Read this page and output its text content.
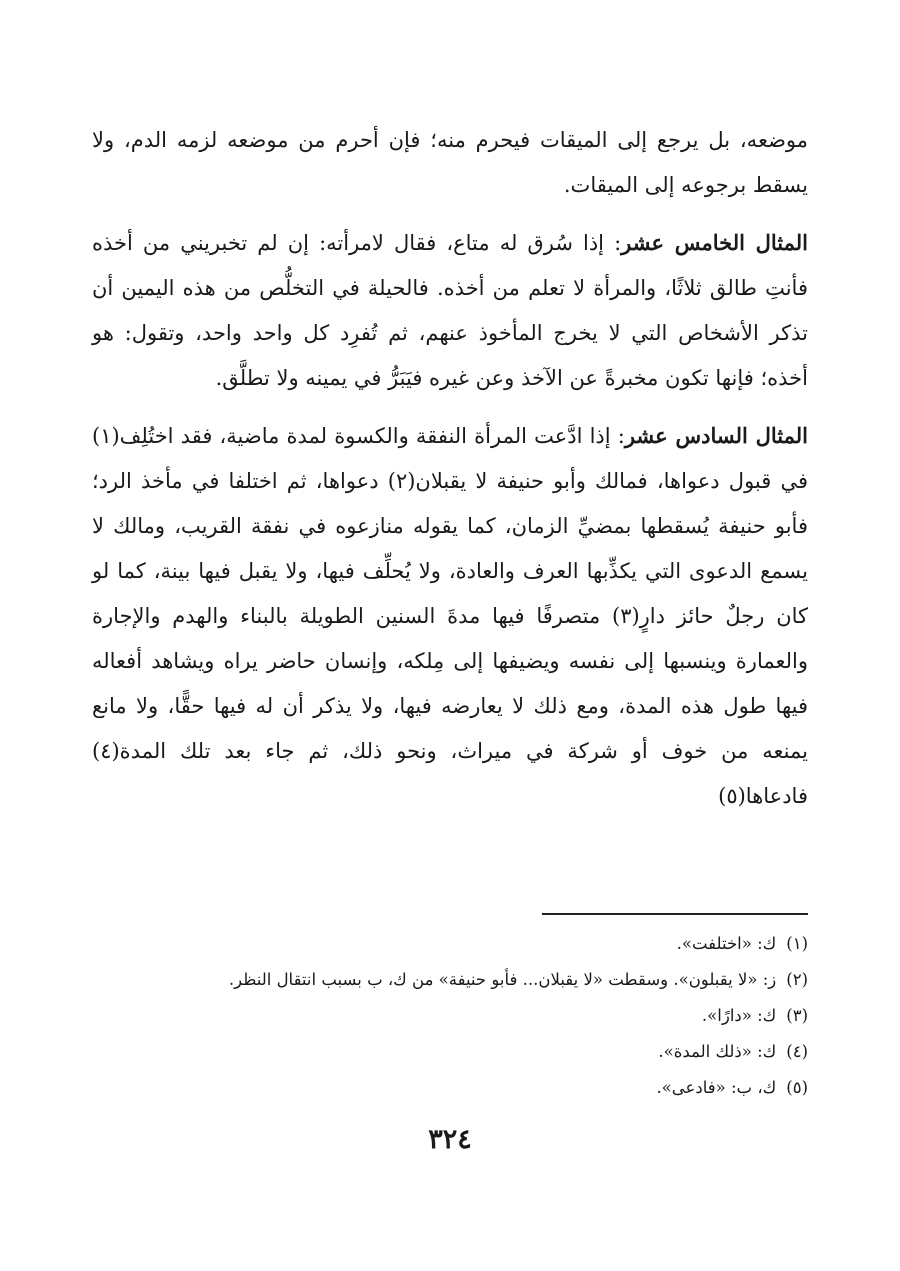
موضعه، بل يرجع إلى الميقات فيحرم منه؛ فإن أحرم من موضعه لزمه الدم، ولا يسقط برجوعه إلى الميقات.

المثال الخامس عشر: إذا سُرق له متاع، فقال لامرأته: إن لم تخبريني من أخذه فأنتِ طالق ثلاثًا، والمرأة لا تعلم من أخذه. فالحيلة في التخلُّص من هذه اليمين أن تذكر الأشخاص التي لا يخرج المأخوذ عنهم، ثم تُفرِد كل واحد واحد، وتقول: هو أخذه؛ فإنها تكون مخبرةً عن الآخذ وعن غيره فيَبَرُّ في يمينه ولا تطلَّق.

المثال السادس عشر: إذا ادَّعت المرأة النفقة والكسوة لمدة ماضية، فقد اختُلِف(١) في قبول دعواها، فمالك وأبو حنيفة لا يقبلان(٢) دعواها، ثم اختلفا في مأخذ الرد؛ فأبو حنيفة يُسقطها بمضيِّ الزمان، كما يقوله منازعوه في نفقة القريب، ومالك لا يسمع الدعوى التي يكذِّبها العرف والعادة، ولا يُحلِّف فيها، ولا يقبل فيها بينة، كما لو كان رجلٌ حائز دارٍ(٣) متصرفًا فيها مدةَ السنين الطويلة بالبناء والهدم والإجارة والعمارة وينسبها إلى نفسه ويضيفها إلى مِلكه، وإنسان حاضر يراه ويشاهد أفعاله فيها طول هذه المدة، ومع ذلك لا يعارضه فيها، ولا يذكر أن له فيها حقًّا، ولا مانع يمنعه من خوف أو شركة في ميراث، ونحو ذلك، ثم جاء بعد تلك المدة(٤) فادعاها(٥)

(١)ك: «اختلفت».
(٢)ز: «لا يقبلون». وسقطت «لا يقبلان... فأبو حنيفة» من ك، ب بسبب انتقال النظر.
(٣)ك: «دارًا».
(٤)ك: «ذلك المدة».
(٥)ك، ب: «فادعى».
٣٢٤
